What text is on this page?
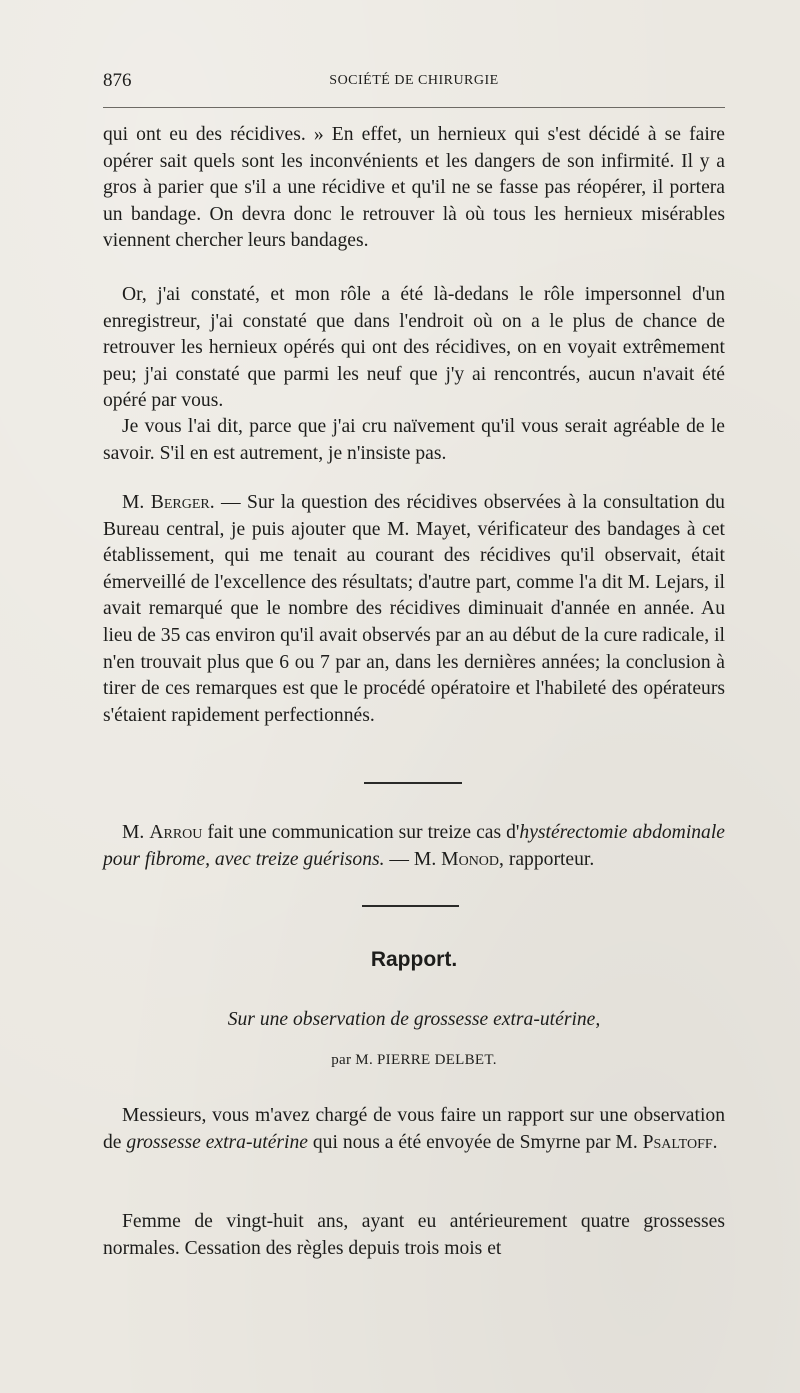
876	SOCIÉTÉ DE CHIRURGIE

qui ont eu des récidives. » En effet, un hernieux qui s'est décidé à se faire opérer sait quels sont les inconvénients et les dangers de son infirmité. Il y a gros à parier que s'il a une récidive et qu'il ne se fasse pas réopérer, il portera un bandage. On devra donc le retrouver là où tous les hernieux misérables viennent chercher leurs bandages.

Or, j'ai constaté, et mon rôle a été là-dedans le rôle impersonnel d'un enregistreur, j'ai constaté que dans l'endroit où on a le plus de chance de retrouver les hernieux opérés qui ont des récidives, on en voyait extrêmement peu; j'ai constaté que parmi les neuf que j'y ai rencontrés, aucun n'avait été opéré par vous.

Je vous l'ai dit, parce que j'ai cru naïvement qu'il vous serait agréable de le savoir. S'il en est autrement, je n'insiste pas.

M. Berger. — Sur la question des récidives observées à la consultation du Bureau central, je puis ajouter que M. Mayet, vérificateur des bandages à cet établissement, qui me tenait au courant des récidives qu'il observait, était émerveillé de l'excellence des résultats; d'autre part, comme l'a dit M. Lejars, il avait remarqué que le nombre des récidives diminuait d'année en année. Au lieu de 35 cas environ qu'il avait observés par an au début de la cure radicale, il n'en trouvait plus que 6 ou 7 par an, dans les dernières années; la conclusion à tirer de ces remarques est que le procédé opératoire et l'habileté des opérateurs s'étaient rapidement perfectionnés.

M. Arrou fait une communication sur treize cas d'hystérectomie abdominale pour fibrome, avec treize guérisons. — M. Monod, rapporteur.

Rapport.
Sur une observation de grossesse extra-utérine,
par M. PIERRE DELBET.

Messieurs, vous m'avez chargé de vous faire un rapport sur une observation de grossesse extra-utérine qui nous a été envoyée de Smyrne par M. Psaltoff.

Femme de vingt-huit ans, ayant eu antérieurement quatre grossesses normales. Cessation des règles depuis trois mois et
